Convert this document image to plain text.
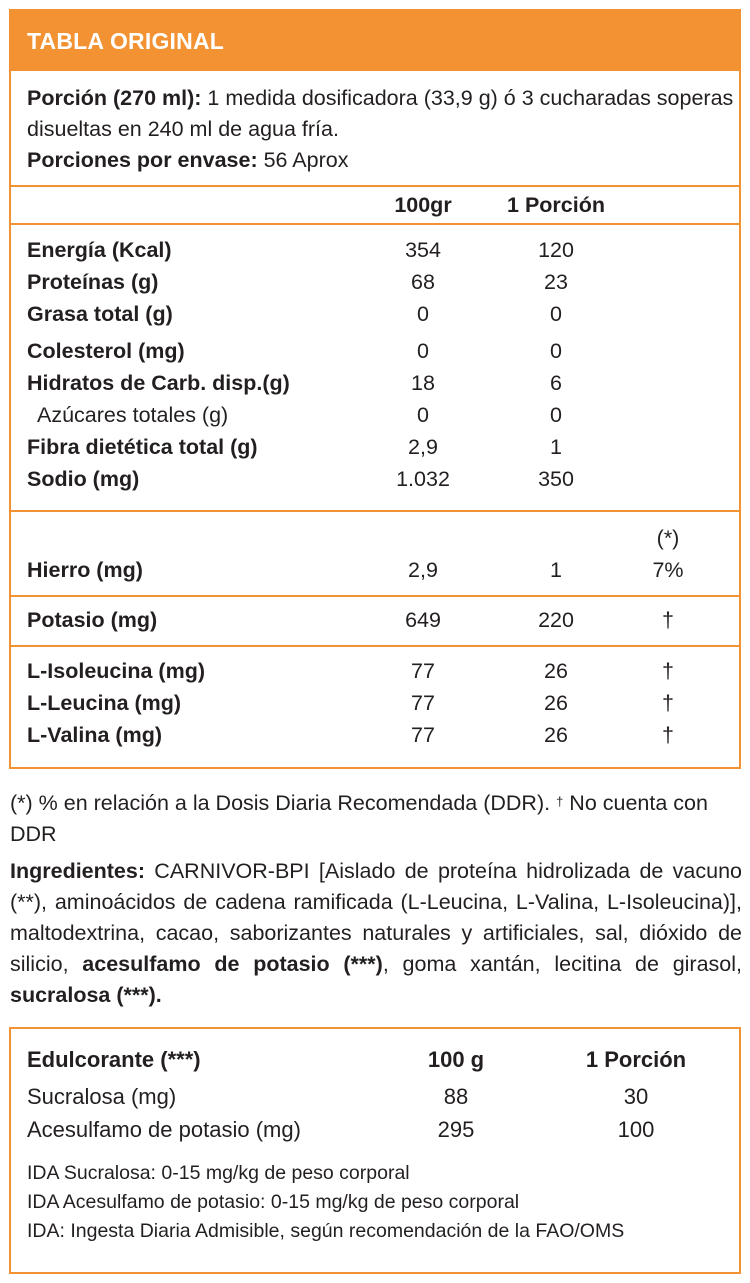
TABLA ORIGINAL
Porción (270 ml): 1 medida dosificadora (33,9 g) ó 3 cucharadas soperas disueltas en 240 ml de agua fría.
Porciones por envase: 56 Aprox
100gr	1 Porción
Energía (Kcal)	354	120
Proteínas (g)	68	23
Grasa total (g)	0	0
Colesterol (mg)	0	0
Hidratos de Carb. disp.(g)	18	6
Azúcares totales (g)	0	0
Fibra dietética total (g)	2,9	1
Sodio (mg)	1.032	350
(*)
Hierro (mg)	2,9	1	7%
Potasio (mg)	649	220	†
L-Isoleucina (mg)	77	26	†
L-Leucina (mg)	77	26	†
L-Valina (mg)	77	26	†

(*) % en relación a la Dosis Diaria Recomendada (DDR). † No cuenta con DDR

Ingredientes: CARNIVOR-BPI [Aislado de proteína hidrolizada de vacuno (**), aminoácidos de cadena ramificada (L-Leucina, L-Valina, L-Isoleucina)], maltodextrina, cacao, saborizantes naturales y artificiales, sal, dióxido de silicio, acesulfamo de potasio (***), goma xantán, lecitina de girasol, sucralosa (***).

Edulcorante (***)	100 g	1 Porción
Sucralosa (mg)	88	30
Acesulfamo de potasio (mg)	295	100
IDA Sucralosa: 0-15 mg/kg de peso corporal
IDA Acesulfamo de potasio: 0-15 mg/kg de peso corporal
IDA: Ingesta Diaria Admisible, según recomendación de la FAO/OMS
